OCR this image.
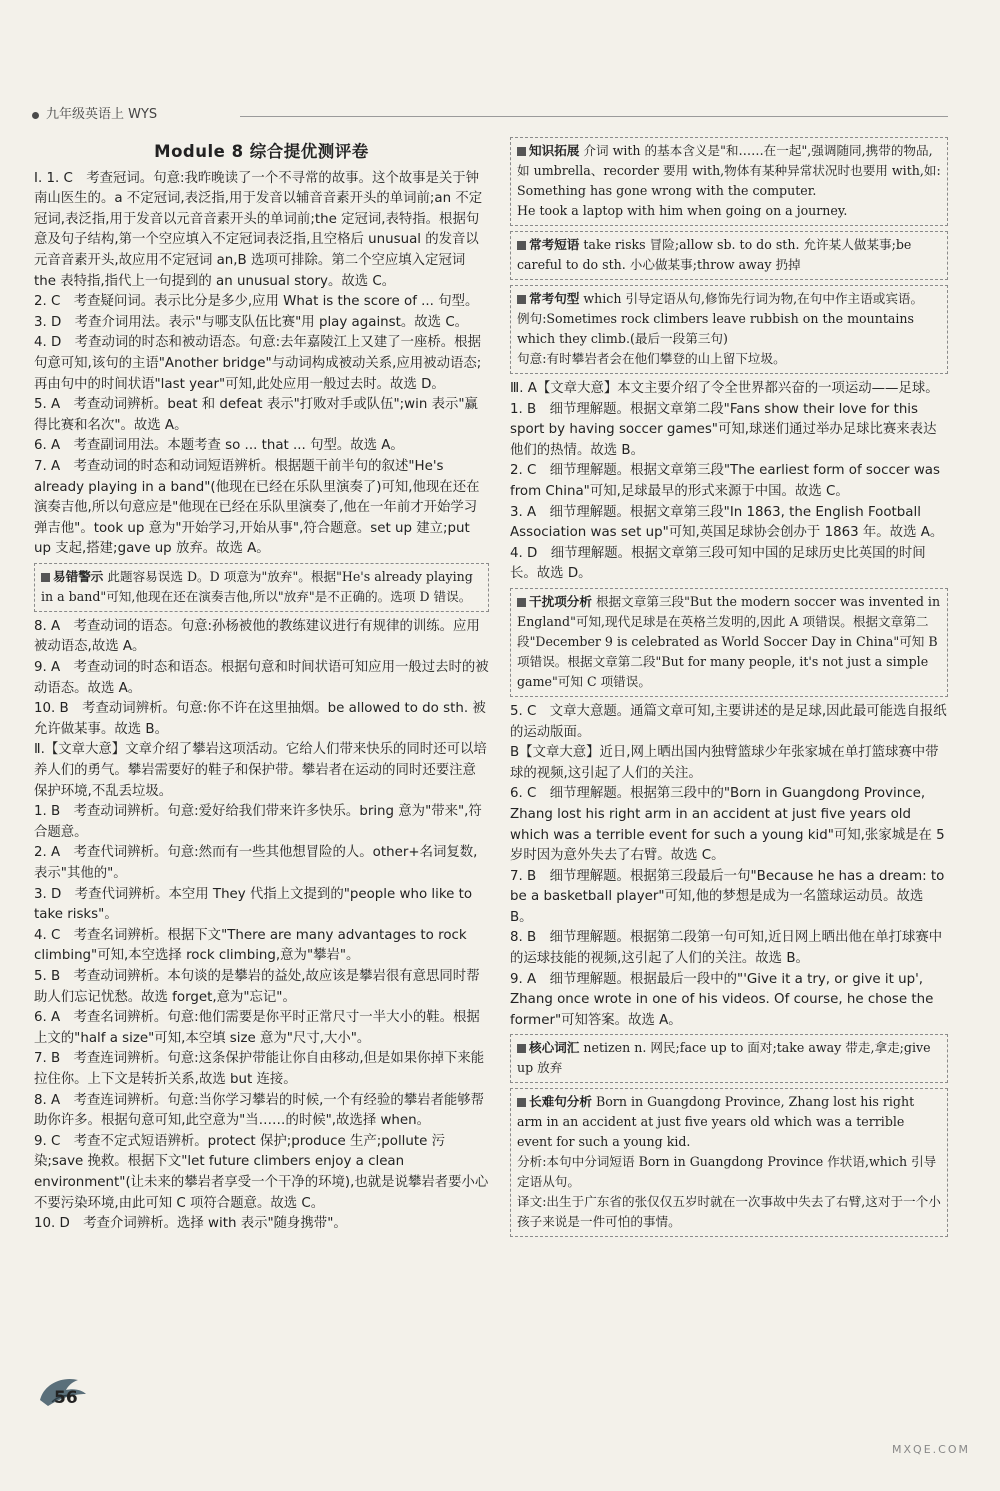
九年级英语上 WYS
Module 8 综合提优测评卷

Ⅰ. 1. C　考查冠词。句意:我昨晚读了一个不寻常的故事。这个故事是关于钟南山医生的。a 不定冠词,表泛指,用于发音以辅音音素开头的单词前;an 不定冠词,表泛指,用于发音以元音音素开头的单词前;the 定冠词,表特指。根据句意及句子结构,第一个空应填入不定冠词表泛指,且空格后 unusual 的发音以元音音素开头,故应用不定冠词 an,B 选项可排除。第二个空应填入定冠词 the 表特指,指代上一句提到的 an unusual story。故选 C。

2. C　考查疑问词。表示比分是多少,应用 What is the score of ... 句型。

3. D　考查介词用法。表示"与哪支队伍比赛"用 play against。故选 C。

4. D　考查动词的时态和被动语态。句意:去年嘉陵江上又建了一座桥。根据句意可知,该句的主语"Another bridge"与动词构成被动关系,应用被动语态;再由句中的时间状语"last year"可知,此处应用一般过去时。故选 D。

5. A　考查动词辨析。beat 和 defeat 表示"打败对手或队伍";win 表示"赢得比赛和名次"。故选 A。

6. A　考查副词用法。本题考查 so ... that ... 句型。故选 A。

7. A　考查动词的时态和动词短语辨析。根据题干前半句的叙述"He's already playing in a band"(他现在已经在乐队里演奏了)可知,他现在还在演奏吉他,所以句意应是"他现在已经在乐队里演奏了,他在一年前才开始学习弹吉他"。took up 意为"开始学习,开始从事",符合题意。set up 建立;put up 支起,搭建;gave up 放弃。故选 A。

易错警示 此题容易误选 D。D 项意为"放弃"。根据"He's already playing in a band"可知,他现在还在演奏吉他,所以"放弃"是不正确的。选项 D 错误。

8. A　考查动词的语态。句意:孙杨被他的教练建议进行有规律的训练。应用被动语态,故选 A。

9. A　考查动词的时态和语态。根据句意和时间状语可知应用一般过去时的被动语态。故选 A。

10. B　考查动词辨析。句意:你不许在这里抽烟。be allowed to do sth. 被允许做某事。故选 B。

Ⅱ.【文章大意】文章介绍了攀岩这项活动。它给人们带来快乐的同时还可以培养人们的勇气。攀岩需要好的鞋子和保护带。攀岩者在运动的同时还要注意保护环境,不乱丢垃圾。

1. B　考查动词辨析。句意:爱好给我们带来许多快乐。bring 意为"带来",符合题意。

2. A　考查代词辨析。句意:然而有一些其他想冒险的人。other+名词复数,表示"其他的"。

3. D　考查代词辨析。本空用 They 代指上文提到的"people who like to take risks"。

4. C　考查名词辨析。根据下文"There are many advantages to rock climbing"可知,本空选择 rock climbing,意为"攀岩"。

5. B　考查动词辨析。本句谈的是攀岩的益处,故应该是攀岩很有意思同时帮助人们忘记忧愁。故选 forget,意为"忘记"。

6. A　考查名词辨析。句意:他们需要是你平时正常尺寸一半大小的鞋。根据上文的"half a size"可知,本空填 size 意为"尺寸,大小"。

7. B　考查连词辨析。句意:这条保护带能让你自由移动,但是如果你掉下来能拉住你。上下文是转折关系,故选 but 连接。

8. A　考查连词辨析。句意:当你学习攀岩的时候,一个有经验的攀岩者能够帮助你许多。根据句意可知,此空意为"当……的时候",故选择 when。

9. C　考查不定式短语辨析。protect 保护;produce 生产;pollute 污染;save 挽救。根据下文"let future climbers enjoy a clean environment"(让未来的攀岩者享受一个干净的环境),也就是说攀岩者要小心不要污染环境,由此可知 C 项符合题意。故选 C。

10. D　考查介词辨析。选择 with 表示"随身携带"。

知识拓展 介词 with 的基本含义是"和……在一起",强调随同,携带的物品,如 umbrella、recorder 要用 with,物体有某种异常状况时也要用 with,如:

Something has gone wrong with the computer.

He took a laptop with him when going on a journey.

常考短语 take risks 冒险;allow sb. to do sth. 允许某人做某事;be careful to do sth. 小心做某事;throw away 扔掉
常考句型 which 引导定语从句,修饰先行词为物,在句中作主语或宾语。

例句:Sometimes rock climbers leave rubbish on the mountains which they climb.(最后一段第三句)

句意:有时攀岩者会在他们攀登的山上留下垃圾。

Ⅲ. A【文章大意】本文主要介绍了令全世界都兴奋的一项运动——足球。

1. B　细节理解题。根据文章第二段"Fans show their love for this sport by having soccer games"可知,球迷们通过举办足球比赛来表达他们的热情。故选 B。

2. C　细节理解题。根据文章第三段"The earliest form of soccer was from China"可知,足球最早的形式来源于中国。故选 C。

3. A　细节理解题。根据文章第三段"In 1863, the English Football Association was set up"可知,英国足球协会创办于 1863 年。故选 A。

4. D　细节理解题。根据文章第三段可知中国的足球历史比英国的时间长。故选 D。

干扰项分析 根据文章第三段"But the modern soccer was invented in England"可知,现代足球是在英格兰发明的,因此 A 项错误。根据文章第二段"December 9 is celebrated as World Soccer Day in China"可知 B 项错误。根据文章第二段"But for many people, it's not just a simple game"可知 C 项错误。

5. C　文章大意题。通篇文章可知,主要讲述的是足球,因此最可能选自报纸的运动版面。

B【文章大意】近日,网上晒出国内独臂篮球少年张家城在单打篮球赛中带球的视频,这引起了人们的关注。

6. C　细节理解题。根据第三段中的"Born in Guangdong Province, Zhang lost his right arm in an accident at just five years old which was a terrible event for such a young kid"可知,张家城是在 5 岁时因为意外失去了右臂。故选 C。

7. B　细节理解题。根据第三段最后一句"Because he has a dream: to be a basketball player"可知,他的梦想是成为一名篮球运动员。故选 B。

8. B　细节理解题。根据第二段第一句可知,近日网上晒出他在单打球赛中的运球技能的视频,这引起了人们的关注。故选 B。

9. A　细节理解题。根据最后一段中的"'Give it a try, or give it up', Zhang once wrote in one of his videos. Of course, he chose the former"可知答案。故选 A。

核心词汇 netizen n. 网民;face up to 面对;take away 带走,拿走;give up 放弃
长难句分析 Born in Guangdong Province, Zhang lost his right arm in an accident at just five years old which was a terrible event for such a young kid.

分析:本句中分词短语 Born in Guangdong Province 作状语,which 引导定语从句。

译文:出生于广东省的张仅仅五岁时就在一次事故中失去了右臂,这对于一个小孩子来说是一件可怕的事情。

56
MXQE.COM
